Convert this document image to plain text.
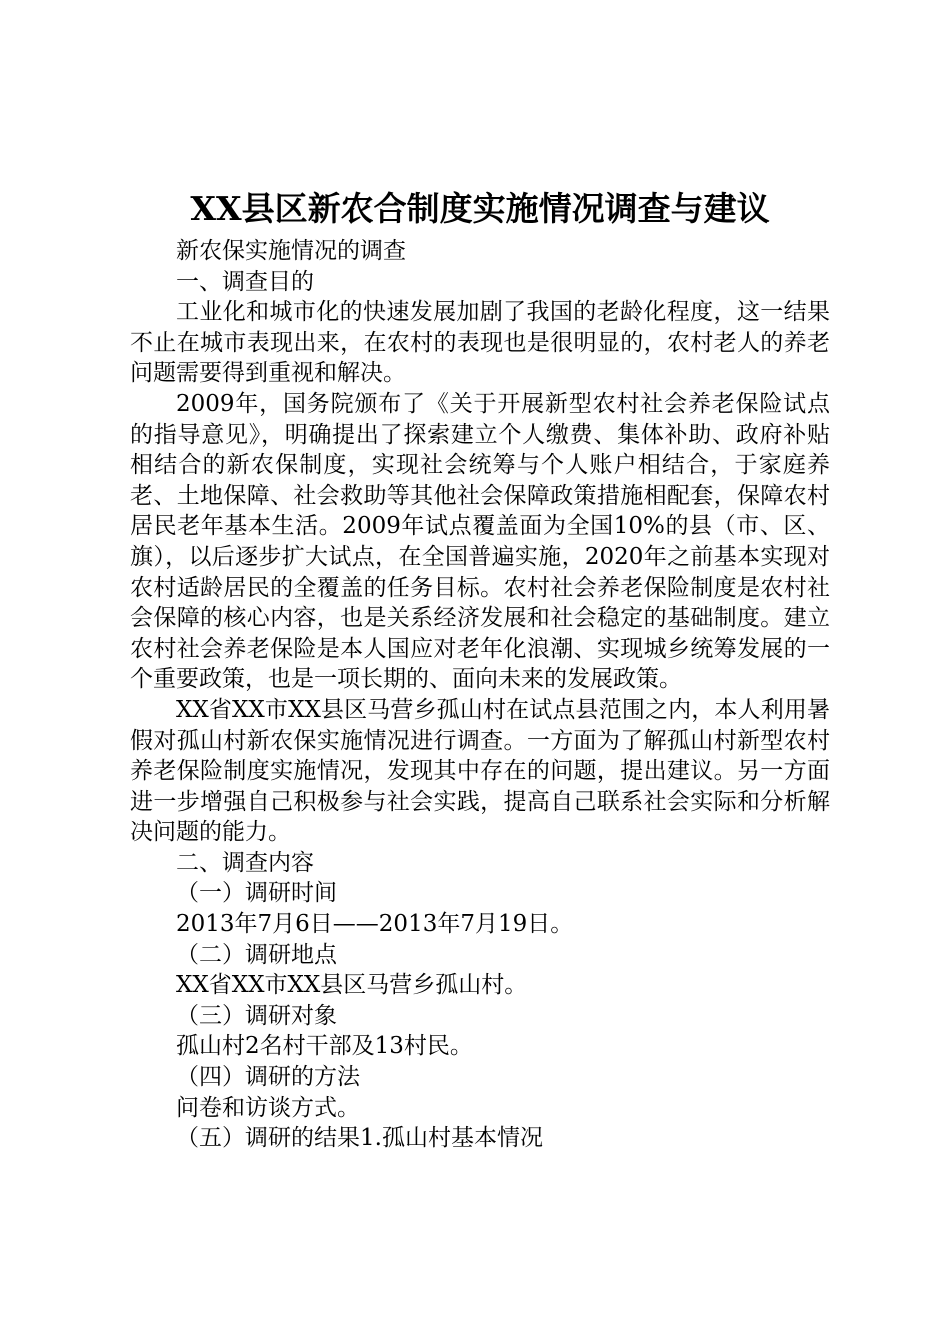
XX县区新农合制度实施情况调查与建议

新农保实施情况的调查

一、调查目的

工业化和城市化的快速发展加剧了我国的老龄化程度，这一结果不止在城市表现出来，在农村的表现也是很明显的，农村老人的养老问题需要得到重视和解决。

2009年，国务院颁布了《关于开展新型农村社会养老保险试点的指导意见》，明确提出了探索建立个人缴费、集体补助、政府补贴相结合的新农保制度，实现社会统筹与个人账户相结合，于家庭养老、土地保障、社会救助等其他社会保障政策措施相配套，保障农村居民老年基本生活。2009年试点覆盖面为全国10%的县（市、区、旗），以后逐步扩大试点，在全国普遍实施，2020年之前基本实现对农村适龄居民的全覆盖的任务目标。农村社会养老保险制度是农村社会保障的核心内容，也是关系经济发展和社会稳定的基础制度。建立农村社会养老保险是本人国应对老年化浪潮、实现城乡统筹发展的一个重要政策，也是一项长期的、面向未来的发展政策。

XX省XX市XX县区马营乡孤山村在试点县范围之内，本人利用暑假对孤山村新农保实施情况进行调查。一方面为了解孤山村新型农村养老保险制度实施情况，发现其中存在的问题，提出建议。另一方面进一步增强自己积极参与社会实践，提高自己联系社会实际和分析解决问题的能力。

二、调查内容

（一）调研时间

2013年7月6日——2013年7月19日。

（二）调研地点

XX省XX市XX县区马营乡孤山村。

（三）调研对象

孤山村2名村干部及13村民。

（四）调研的方法

问卷和访谈方式。

（五）调研的结果1.孤山村基本情况
